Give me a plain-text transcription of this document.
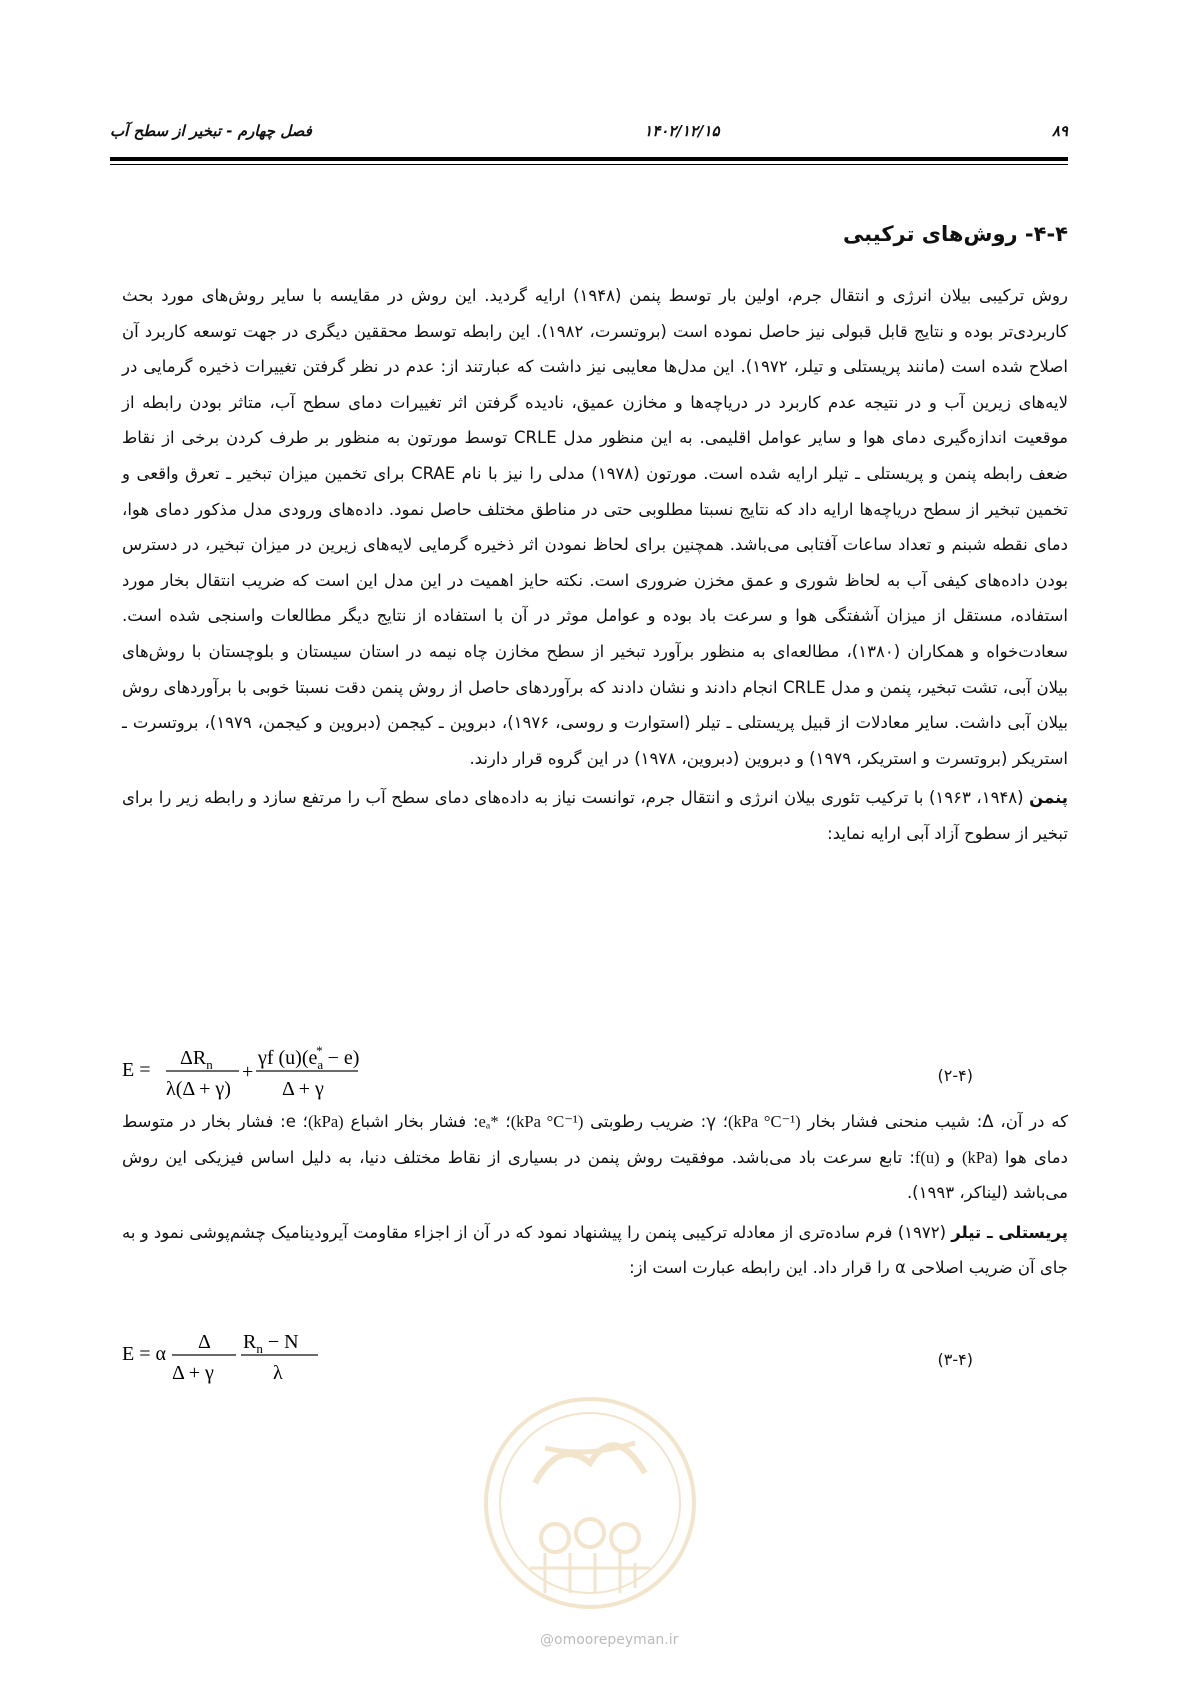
۸۹
۱۴۰۲/۱۲/۱۵
فصل چهارم - تبخیر از سطح آب
۴-۴- روش‌های ترکیبی

روش ترکیبی بیلان انرژی و انتقال جرم، اولین بار توسط پنمن (۱۹۴۸) ارایه گردید. این روش در مقایسه با سایر روش‌های مورد بحث کاربردی‌تر بوده و نتایج قابل قبولی نیز حاصل نموده است (بروتسرت، ۱۹۸۲). این رابطه توسط محققین دیگری در جهت توسعه کاربرد آن اصلاح شده است (مانند پریستلی و تیلر، ۱۹۷۲). این مدل‌ها معایبی نیز داشت که عبارتند از: عدم در نظر گرفتن تغییرات ذخیره گرمایی در لایه‌های زیرین آب و در نتیجه عدم کاربرد در دریاچه‌ها و مخازن عمیق، نادیده گرفتن اثر تغییرات دمای سطح آب، متاثر بودن رابطه از موقعیت اندازه‌گیری دمای هوا و سایر عوامل اقلیمی. به این منظور مدل CRLE توسط مورتون به منظور بر طرف کردن برخی از نقاط ضعف رابطه پنمن و پریستلی ـ تیلر ارایه شده است. مورتون (۱۹۷۸) مدلی را نیز با نام CRAE برای تخمین میزان تبخیر ـ تعرق واقعی و تخمین تبخیر از سطح دریاچه‌ها ارایه داد که نتایج نسبتا مطلوبی حتی در مناطق مختلف حاصل نمود. داده‌های ورودی مدل مذکور دمای هوا، دمای نقطه شبنم و تعداد ساعات آفتابی می‌باشد. همچنین برای لحاظ نمودن اثر ذخیره گرمایی لایه‌های زیرین در میزان تبخیر، در دسترس بودن داده‌های کیفی آب به لحاظ شوری و عمق مخزن ضروری است. نکته حایز اهمیت در این مدل این است که ضریب انتقال بخار مورد استفاده، مستقل از میزان آشفتگی هوا و سرعت باد بوده و عوامل موثر در آن با استفاده از نتایج دیگر مطالعات واسنجی شده است. سعادت‌خواه و همکاران (۱۳۸۰)، مطالعه‌ای به منظور برآورد تبخیر از سطح مخازن چاه نیمه در استان سیستان و بلوچستان با روش‌های بیلان آبی، تشت تبخیر، پنمن و مدل CRLE انجام دادند و نشان دادند که برآوردهای حاصل از روش پنمن دقت نسبتا خوبی با برآوردهای روش بیلان آبی داشت. سایر معادلات از قبیل پریستلی ـ تیلر (استوارت و روسی، ۱۹۷۶)، دبروین ـ کیجمن (دبروین و کیجمن، ۱۹۷۹)، بروتسرت ـ استریکر (بروتسرت و استریکر، ۱۹۷۹) و دبروین (دبروین، ۱۹۷۸) در این گروه قرار دارند.

پنمن (۱۹۴۸، ۱۹۶۳) با ترکیب تئوری بیلان انرژی و انتقال جرم، توانست نیاز به داده‌های دمای سطح آب را مرتفع سازد و رابطه زیر را برای تبخیر از سطوح آزاد آبی ارایه نماید:

E =
$\Delta R_n$
λ(Δ + γ)
+
γf $(u)(e_a* - e)$
Δ + γ
(۲-۴)

که در آن، Δ: شیب منحنی فشار بخار (kPa °C⁻¹)؛ γ: ضریب رطوبتی (kPa °C⁻¹)؛ eₐ*: فشار بخار اشباع (kPa)؛ e: فشار بخار در متوسط دمای هوا (kPa) و f(u): تابع سرعت باد می‌باشد. موفقیت روش پنمن در بسیاری از نقاط مختلف دنیا، به دلیل اساس فیزیکی این روش می‌باشد (لیناکر، ۱۹۹۳).

پریستلی ـ تیلر (۱۹۷۲) فرم ساده‌تری از معادله ترکیبی پنمن را پیشنهاد نمود که در آن از اجزاء مقاومت آیرودینامیک چشم‌پوشی نمود و به جای آن ضریب اصلاحی α را قرار داد. این رابطه عبارت است از:

E = α
Δ
Δ + γ
$R_n - N$
λ
(۳-۴)
@omoorepeyman.ir
